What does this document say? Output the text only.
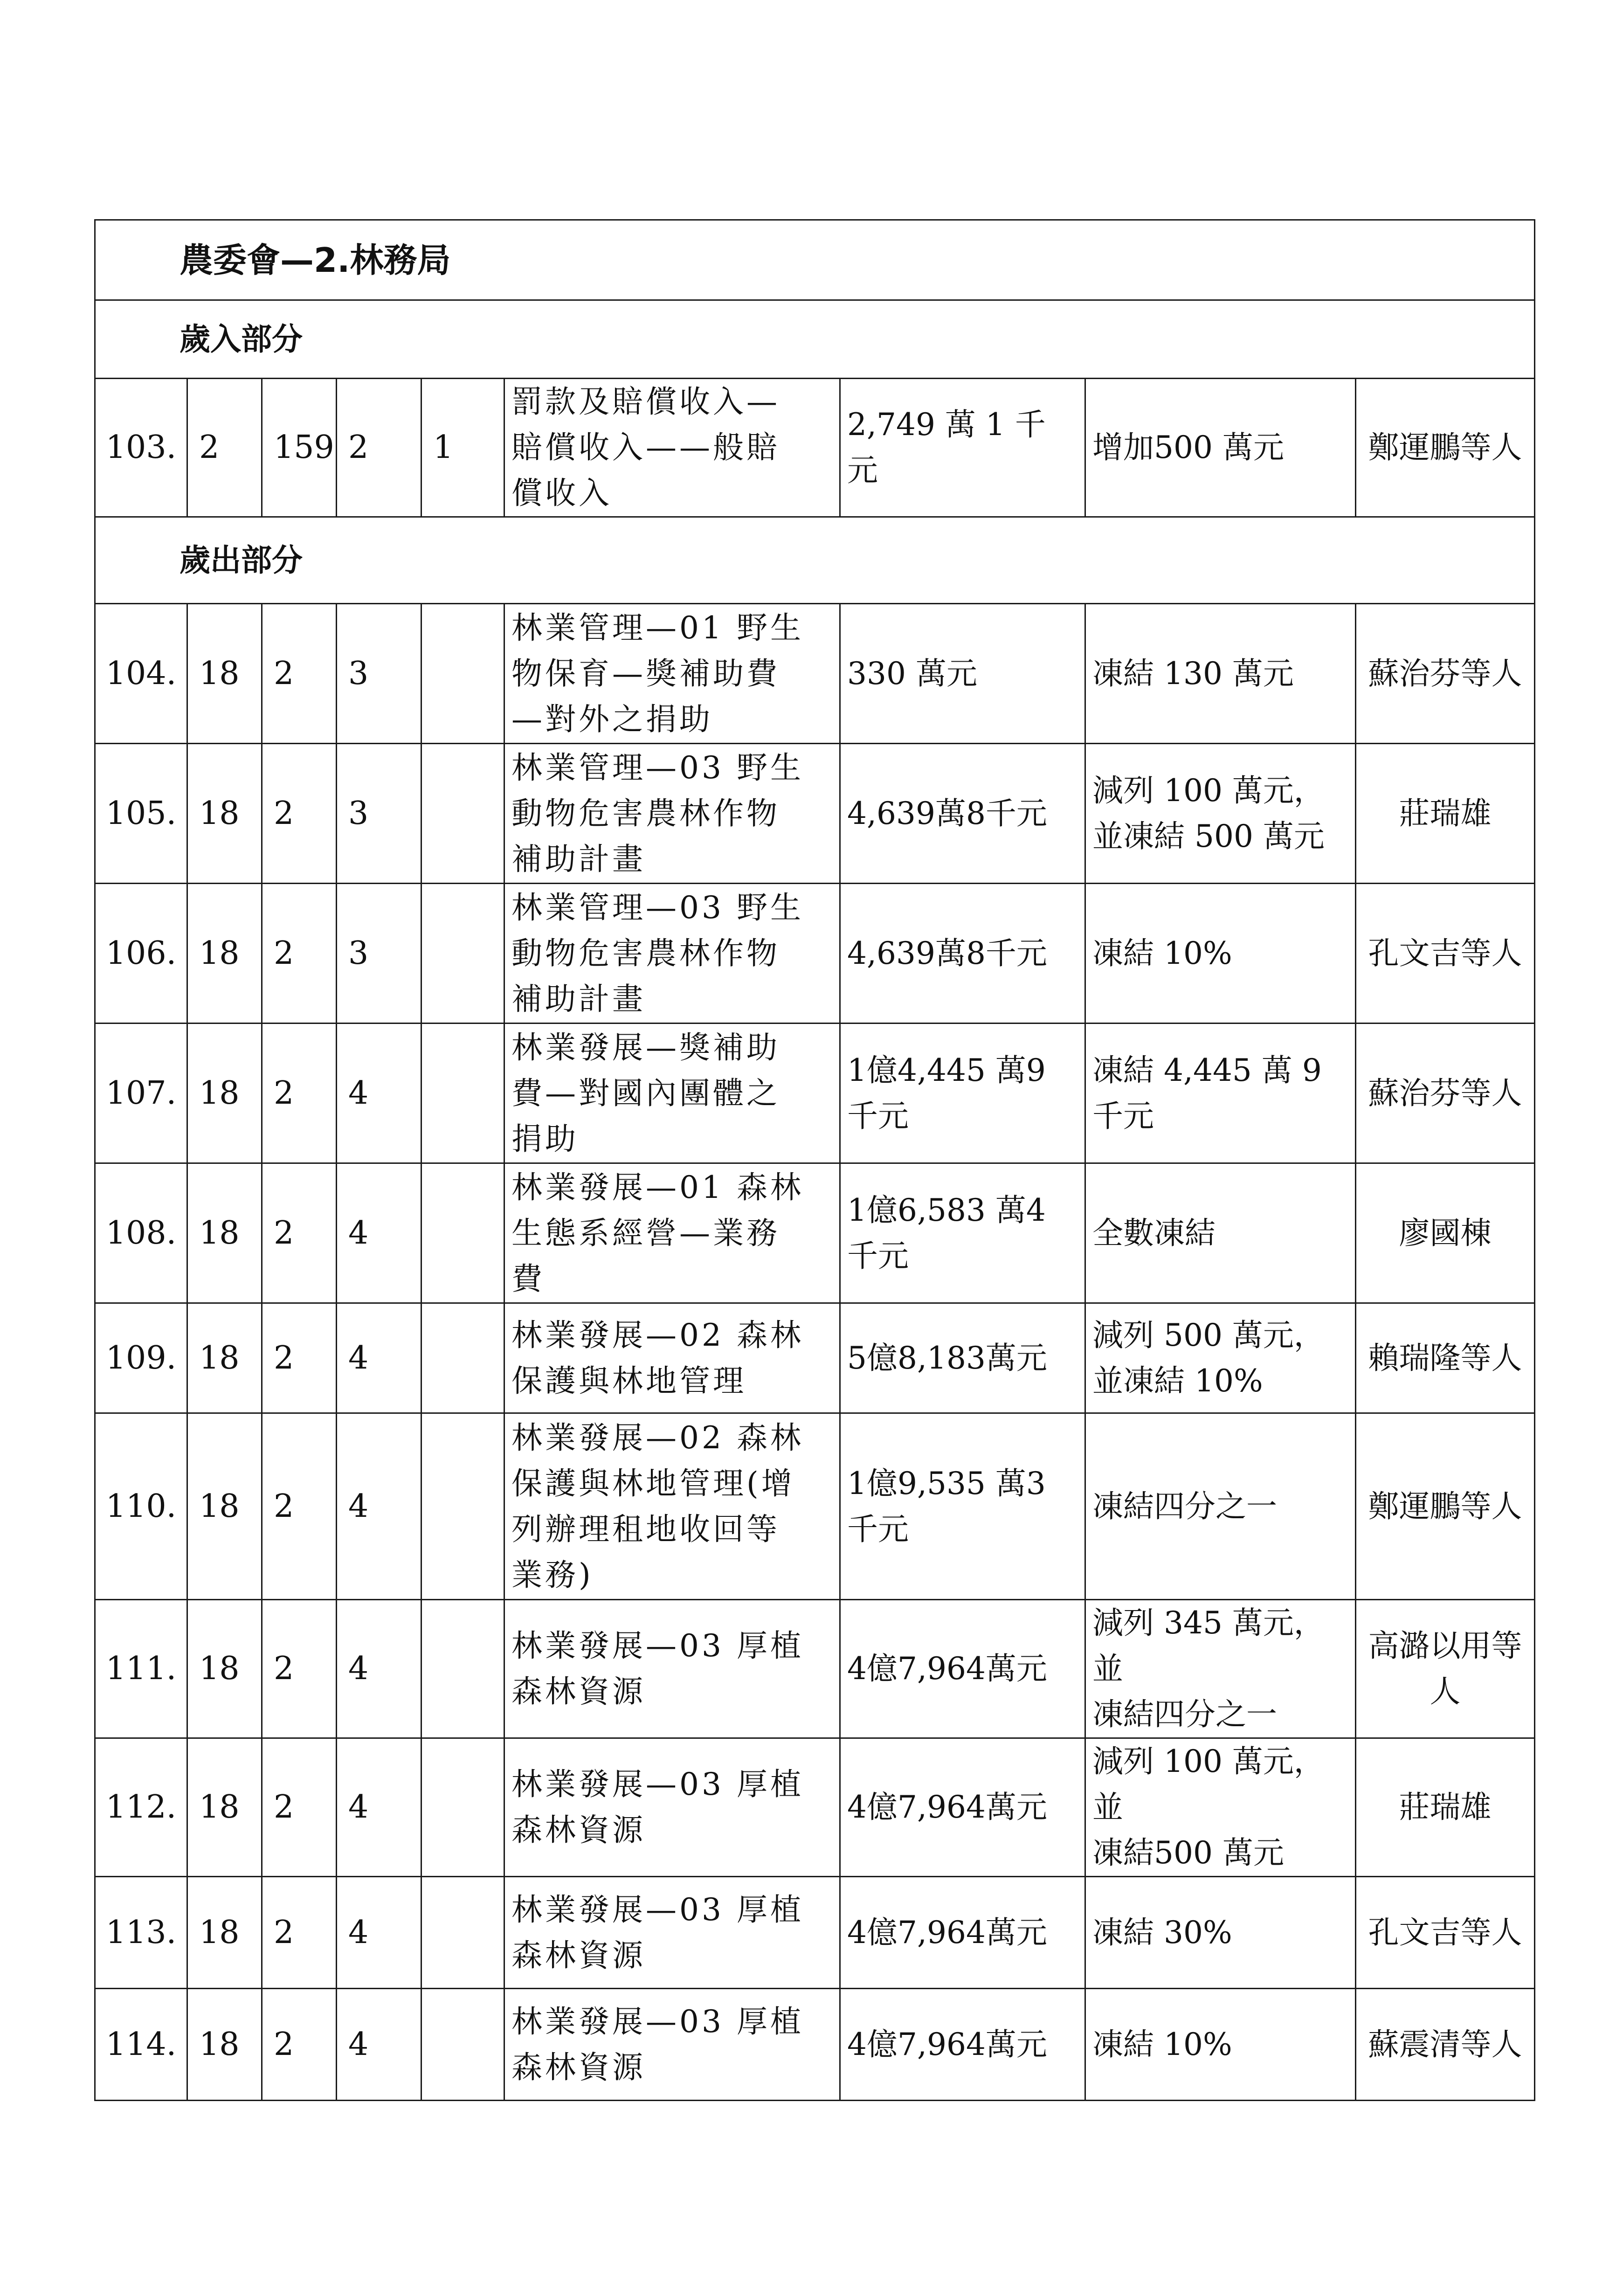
農委會—2.林務局								
歲入部分								
103.	2	159	2	1	罰款及賠償收入—
賠償收入——般賠
償收入	2,749 萬 1 千
元	增加500 萬元	鄭運鵬等人

歲出部分								
104.	18	2	3		林業管理—01 野生
物保育—獎補助費
—對外之捐助	330 萬元	凍結 130 萬元	蘇治芬等人

105.	18	2	3		林業管理—03 野生
動物危害農林作物
補助計畫	4,639萬8千元	減列 100 萬元，
並凍結 500 萬元	莊瑞雄

106.	18	2	3		林業管理—03 野生
動物危害農林作物
補助計畫	4,639萬8千元	凍結 10%	孔文吉等人

107.	18	2	4		林業發展—獎補助
費—對國內團體之
捐助	1億4,445 萬9
千元	凍結 4,445 萬 9
千元	蘇治芬等人

108.	18	2	4		林業發展—01 森林
生態系經營—業務
費	1億6,583 萬4
千元	全數凍結	廖國棟

109.	18	2	4		林業發展—02 森林
保護與林地管理	5億8,183萬元	減列 500 萬元，
並凍結 10%	賴瑞隆等人

110.	18	2	4		林業發展—02 森林
保護與林地管理(增
列辦理租地收回等
業務)	1億9,535 萬3
千元	凍結四分之一	鄭運鵬等人

111.	18	2	4		林業發展—03 厚植
森林資源	4億7,964萬元	減列 345 萬元，並
凍結四分之一	高潞以用等
人

112.	18	2	4		林業發展—03 厚植
森林資源	4億7,964萬元	減列 100 萬元，並
凍結500 萬元	莊瑞雄

113.	18	2	4		林業發展—03 厚植
森林資源	4億7,964萬元	凍結 30%	孔文吉等人

114.	18	2	4		林業發展—03 厚植
森林資源	4億7,964萬元	凍結 10%	蘇震清等人
